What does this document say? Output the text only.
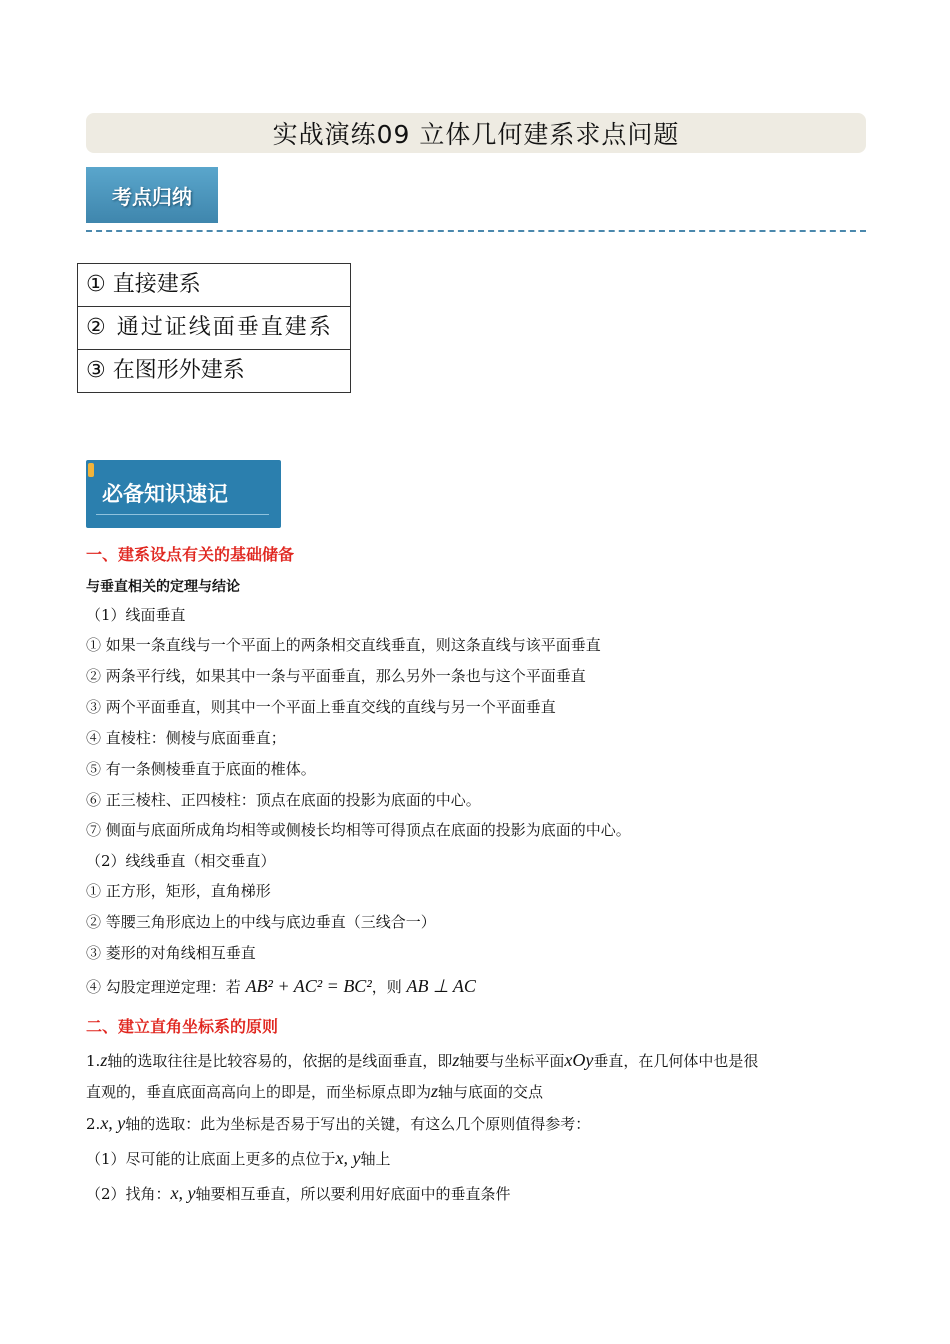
实战演练09 立体几何建系求点问题
考点归纳
① 直接建系
② 通过证线面垂直建系
③ 在图形外建系
必备知识速记
一、建系设点有关的基础储备
与垂直相关的定理与结论
（1）线面垂直
① 如果一条直线与一个平面上的两条相交直线垂直，则这条直线与该平面垂直
② 两条平行线，如果其中一条与平面垂直，那么另外一条也与这个平面垂直
③ 两个平面垂直，则其中一个平面上垂直交线的直线与另一个平面垂直
④ 直棱柱：侧棱与底面垂直；
⑤ 有一条侧棱垂直于底面的椎体。
⑥ 正三棱柱、正四棱柱：顶点在底面的投影为底面的中心。
⑦ 侧面与底面所成角均相等或侧棱长均相等可得顶点在底面的投影为底面的中心。
（2）线线垂直（相交垂直）
① 正方形，矩形，直角梯形
② 等腰三角形底边上的中线与底边垂直（三线合一）
③ 菱形的对角线相互垂直
④ 勾股定理逆定理：若 AB² + AC² = BC²，则 AB ⊥ AC
二、建立直角坐标系的原则
1.z轴的选取往往是比较容易的，依据的是线面垂直，即z轴要与坐标平面xOy垂直，在几何体中也是很
直观的，垂直底面高高向上的即是，而坐标原点即为z轴与底面的交点
2.x, y轴的选取：此为坐标是否易于写出的关键，有这么几个原则值得参考：
（1）尽可能的让底面上更多的点位于x, y轴上
（2）找角：x, y轴要相互垂直，所以要利用好底面中的垂直条件
